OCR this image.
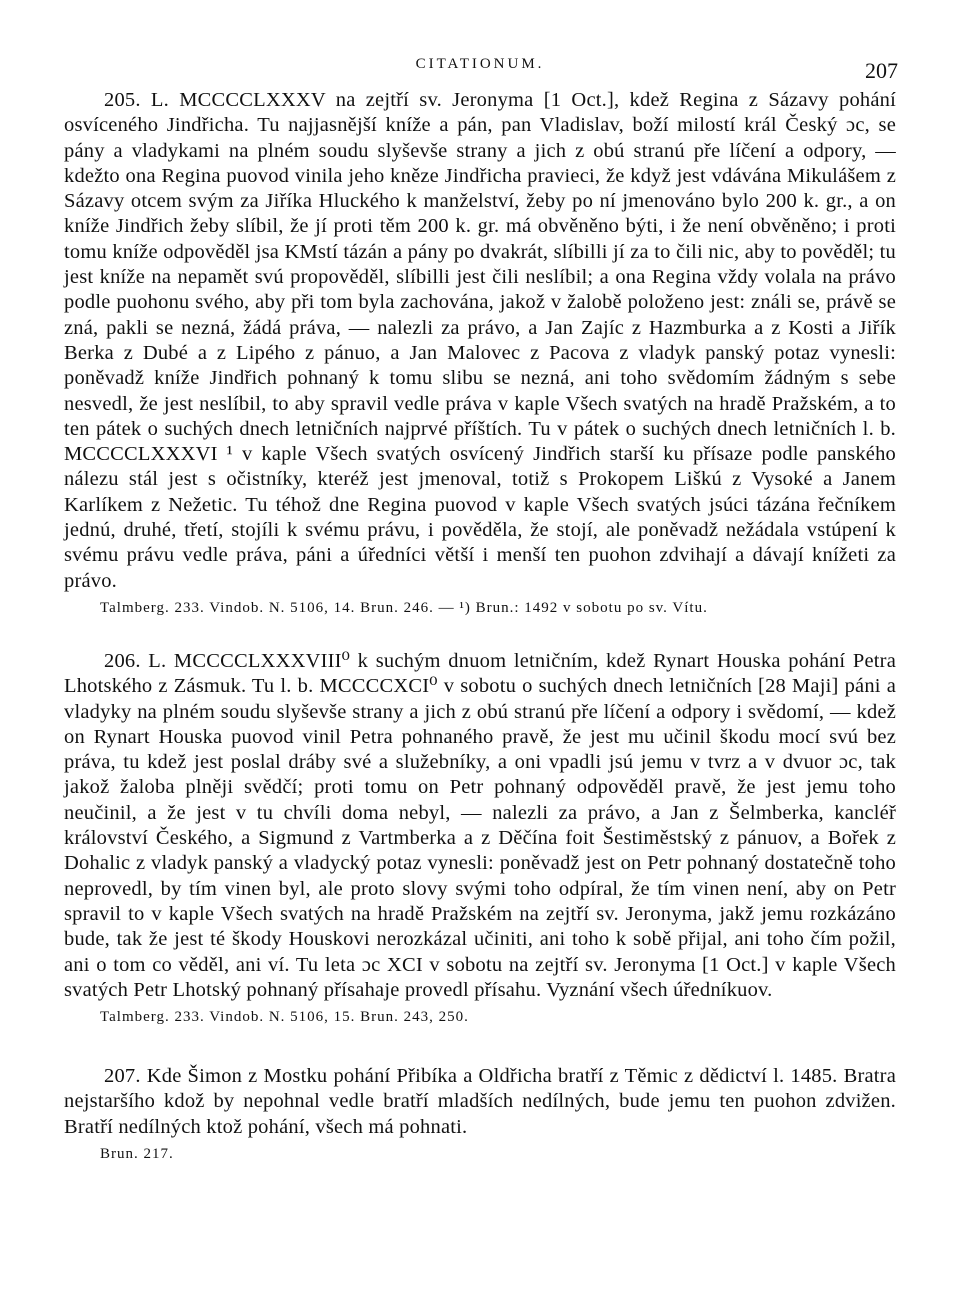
CITATIONUM.	207

205. L. MCCCCLXXXV na zejtří sv. Jeronyma [1 Oct.], kdež Regina z Sázavy pohání osvíceného Jindřicha. Tu najjasnější kníže a pán, pan Vladislav, boží milostí král Český ɔc, se pány a vladykami na plném soudu slyševše strany a jich z obú stranú pře líčení a odpory, — kdežto ona Regina puovod vinila jeho kněze Jindřicha pravieci, že když jest vdávána Mikulášem z Sázavy otcem svým za Jiříka Hluckého k manželství, žeby po ní jmenováno bylo 200 k. gr., a on kníže Jindřich žeby slíbil, že jí proti těm 200 k. gr. má obvěněno býti, i že není obvěněno; i proti tomu kníže odpověděl jsa KMstí tázán a pány po dvakrát, slíbilli jí za to čili nic, aby to pověděl; tu jest kníže na nepamět svú propověděl, slíbilli jest čili neslíbil; a ona Regina vždy volala na právo podle puohonu svého, aby při tom byla zachována, jakož v žalobě položeno jest: ználi se, právě se zná, pakli se nezná, žádá práva, — nalezli za právo, a Jan Zajíc z Hazmburka a z Kosti a Jiřík Berka z Dubé a z Lipého z pánuo, a Jan Malovec z Pacova z vladyk panský potaz vynesli: poněvadž kníže Jindřich pohnaný k tomu slibu se nezná, ani toho svědomím žádným s sebe nesvedl, že jest neslíbil, to aby spravil vedle práva v kaple Všech svatých na hradě Pražském, a to ten pátek o suchých dnech letničních najprvé příštích. Tu v pátek o suchých dnech letničních l. b. MCCCCLXXXVI ¹ v kaple Všech svatých osvícený Jindřich starší ku přísaze podle panského nálezu stál jest s očistníky, kteréž jest jmenoval, totiž s Prokopem Liškú z Vysoké a Janem Karlíkem z Nežetic. Tu téhož dne Regina puovod v kaple Všech svatých jsúci tázána řečníkem jednú, druhé, třetí, stojíli k svému právu, i pověděla, že stojí, ale poněvadž nežádala vstúpení k svému právu vedle práva, páni a úředníci větší i menší ten puohon zdvihají a dávají knížeti za právo.

Talmberg. 233. Vindob. N. 5106, 14. Brun. 246. — ¹) Brun.: 1492 v sobotu po sv. Vítu.

206. L. MCCCCLXXXVIII⁰ k suchým dnuom letničním, kdež Rynart Houska pohání Petra Lhotského z Zásmuk. Tu l. b. MCCCCXCI⁰ v sobotu o suchých dnech letničních [28 Maji] páni a vladyky na plném soudu slyševše strany a jich z obú stranú pře líčení a odpory i svědomí, — kdež on Rynart Houska puovod vinil Petra pohnaného pravě, že jest mu učinil škodu mocí svú bez práva, tu kdež jest poslal dráby své a služebníky, a oni vpadli jsú jemu v tvrz a v dvuor ɔc, tak jakož žaloba plněji svědčí; proti tomu on Petr pohnaný odpověděl pravě, že jest jemu toho neučinil, a že jest v tu chvíli doma nebyl, — nalezli za právo, a Jan z Šelmberka, kancléř království Českého, a Sigmund z Vartmberka a z Děčína foit Šestiměstský z pánuov, a Bořek z Dohalic z vladyk panský a vladycký potaz vynesli: poněvadž jest on Petr pohnaný dostatečně toho neprovedl, by tím vinen byl, ale proto slovy svými toho odpíral, že tím vinen není, aby on Petr spravil to v kaple Všech svatých na hradě Pražském na zejtří sv. Jeronyma, jakž jemu rozkázáno bude, tak že jest té škody Houskovi nerozkázal učiniti, ani toho k sobě přijal, ani toho čím požil, ani o tom co věděl, ani ví. Tu leta ɔc XCI v sobotu na zejtří sv. Jeronyma [1 Oct.] v kaple Všech svatých Petr Lhotský pohnaný přísahaje provedl přísahu. Vyznání všech úředníkuov.

Talmberg. 233. Vindob. N. 5106, 15. Brun. 243, 250.

207. Kde Šimon z Mostku pohání Přibíka a Oldřicha bratří z Těmic z dědictví l. 1485. Bratra nejstaršího kdož by nepohnal vedle bratří mladších nedílných, bude jemu ten puohon zdvižen. Bratří nedílných ktož pohání, všech má pohnati.

Brun. 217.
